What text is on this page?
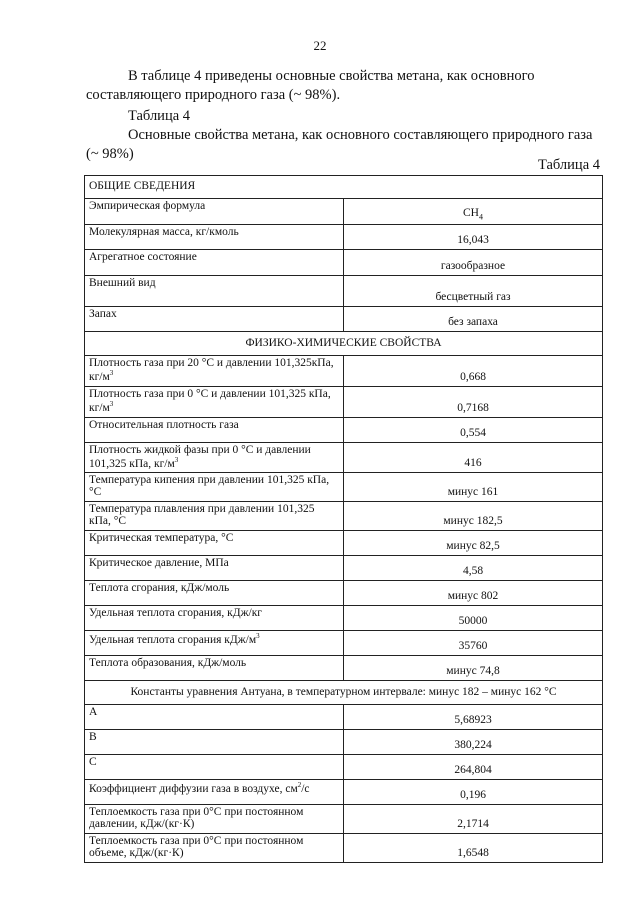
22
В таблице 4 приведены основные свойства метана, как основного составляющего природного газа (~ 98%).
Таблица 4
Основные свойства метана, как основного составляющего природного газа (~ 98%)
Таблица 4
ОБЩИЕ СВЕДЕНИЯ	
Эмпирическая формула	$CH_4$
Молекулярная масса, кг/кмоль	16,043
Агрегатное состояние	газообразное
Внешний вид	бесцветный газ
Запах	без запаха
ФИЗИКО-ХИМИЧЕСКИЕ СВОЙСТВА	
Плотность газа при 20 °С и давлении 101,325кПа, $кг/м^3$	0,668
Плотность газа при 0 °С и давлении 101,325 кПа, $кг/м^3$	0,7168
Относительная плотность газа	0,554
Плотность жидкой фазы при 0 °С и давлении 101,325 кПа, $кг/м^3$	416
Температура кипения при давлении 101,325 кПа, °С	минус 161
Температура плавления при давлении 101,325 кПа, °С	минус 182,5
Критическая температура, °С	минус 82,5
Критическое давление, МПа	4,58
Теплота сгорания, кДж/моль	минус 802
Удельная теплота сгорания, кДж/кг	50000
Удельная теплота сгорания кДж/$м^3$	35760
Теплота образования, кДж/моль	минус 74,8
Константы уравнения Антуана, в температурном интервале: минус 182 – минус 162 °С	
А	5,68923
В	380,224
С	264,804
Коэффициент диффузии газа в воздухе, $см^2/с$	0,196
Теплоемкость газа при 0°С при постоянном давлении, кДж/(кг·К)	2,1714
Теплоемкость газа при 0°С при постоянном объеме, кДж/(кг·К)	1,6548
